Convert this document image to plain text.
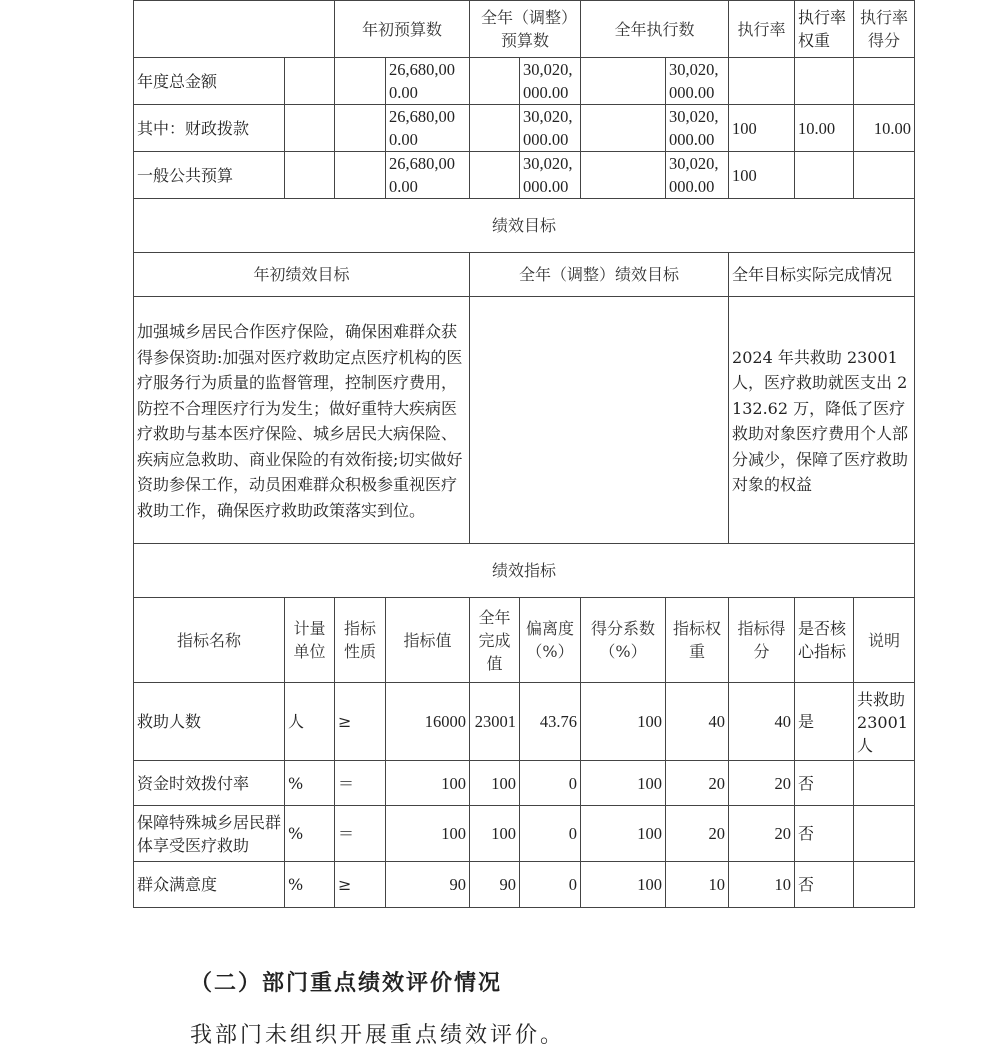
		年初预算数		全年（调整）预算数		全年执行数		执行率	执行率权重	执行率得分
年度总金额			26,680,000.00		30,020,000.00		30,020,000.00			
其中：财政拨款			26,680,000.00		30,020,000.00		30,020,000.00	100	10.00	10.00
一般公共预算			26,680,000.00		30,020,000.00		30,020,000.00	100		
绩效目标										
年初绩效目标				全年（调整）绩效目标				全年目标实际完成情况		
加强城乡居民合作医疗保险，确保困难群众获得参保资助:加强对医疗救助定点医疗机构的医疗服务行为质量的监督管理，控制医疗费用，防控不合理医疗行为发生；做好重特大疾病医疗救助与基本医疗保险、城乡居民大病保险、疾病应急救助、商业保险的有效衔接;切实做好资助参保工作，动员困难群众积极参重视医疗救助工作，确保医疗救助政策落实到位。								2024 年共救助 23001 人，医疗救助就医支出 2132.62 万，降低了医疗救助对象医疗费用个人部分减少，保障了医疗救助对象的权益		
绩效指标										
指标名称	计量单位	指标性质	指标值	全年完成值	偏离度（%）	得分系数（%）	指标权重	指标得分	是否核心指标	说明
救助人数	人	≥	16000	23001	43.76	100	40	40	是	共救助23001人
资金时效拨付率	%	＝	100	100	0	100	20	20	否	
保障特殊城乡居民群体享受医疗救助	%	＝	100	100	0	100	20	20	否	
群众满意度	%	≥	90	90	0	100	10	10	否	
（二）部门重点绩效评价情况
我部门未组织开展重点绩效评价。
